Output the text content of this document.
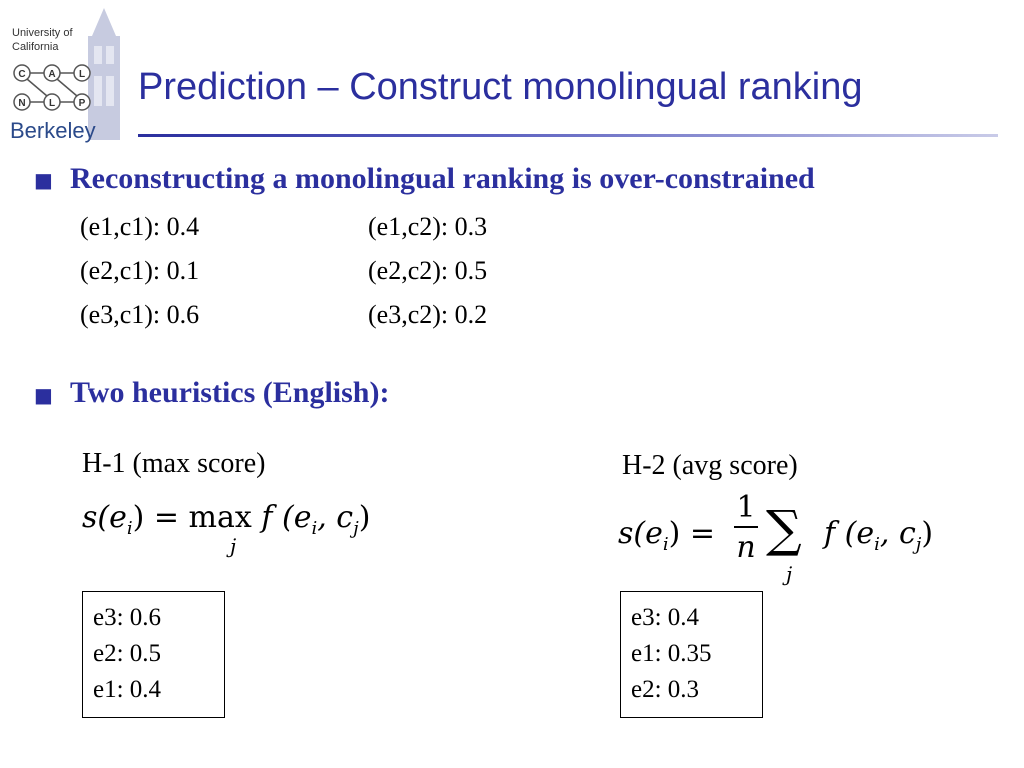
C A L
N L P
University of
California
Berkeley
Prediction – Construct monolingual ranking
■ Reconstructing a monolingual ranking is over-constrained
(e1,c1): 0.4
(e2,c1): 0.1
(e3,c1): 0.6
(e1,c2): 0.3
(e2,c2): 0.5
(e3,c2): 0.2
■ Two heuristics (English):
H-1 (max score)
$s(e_i) = \max f$ ($e_i$, $c_j$)
j
e3: 0.6
e2: 0.5
e1: 0.4
H-2 (avg score)
$s(e_i)$ =
1
n ∑
j
f ($e_i$, $c_j$)
e3: 0.4
e1: 0.35
e2: 0.3
